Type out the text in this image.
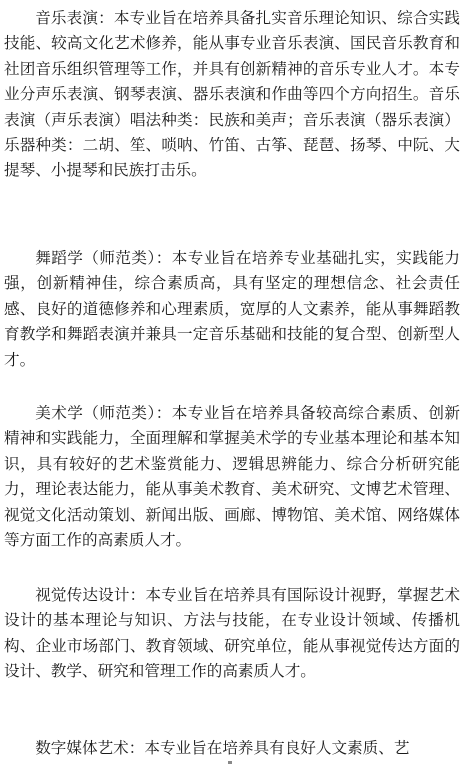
音乐表演：本专业旨在培养具备扎实音乐理论知识、综合实践技能、较高文化艺术修养，能从事专业音乐表演、国民音乐教育和社团音乐组织管理等工作，并具有创新精神的音乐专业人才。本专业分声乐表演、钢琴表演、器乐表演和作曲等四个方向招生。音乐表演（声乐表演）唱法种类：民族和美声；音乐表演（器乐表演）乐器种类：二胡、笙、唢呐、竹笛、古筝、琵琶、扬琴、中阮、大提琴、小提琴和民族打击乐。

舞蹈学（师范类）：本专业旨在培养专业基础扎实，实践能力强，创新精神佳，综合素质高，具有坚定的理想信念、社会责任感、良好的道德修养和心理素质，宽厚的人文素养，能从事舞蹈教育教学和舞蹈表演并兼具一定音乐基础和技能的复合型、创新型人才。

美术学（师范类）：本专业旨在培养具备较高综合素质、创新精神和实践能力，全面理解和掌握美术学的专业基本理论和基本知识，具有较好的艺术鉴赏能力、逻辑思辨能力、综合分析研究能力，理论表达能力，能从事美术教育、美术研究、文博艺术管理、视觉文化活动策划、新闻出版、画廊、博物馆、美术馆、网络媒体等方面工作的高素质人才。

视觉传达设计：本专业旨在培养具有国际设计视野，掌握艺术设计的基本理论与知识、方法与技能，在专业设计领域、传播机构、企业市场部门、教育领域、研究单位，能从事视觉传达方面的设计、教学、研究和管理工作的高素质人才。

数字媒体艺术：本专业旨在培养具有良好人文素质、艺
